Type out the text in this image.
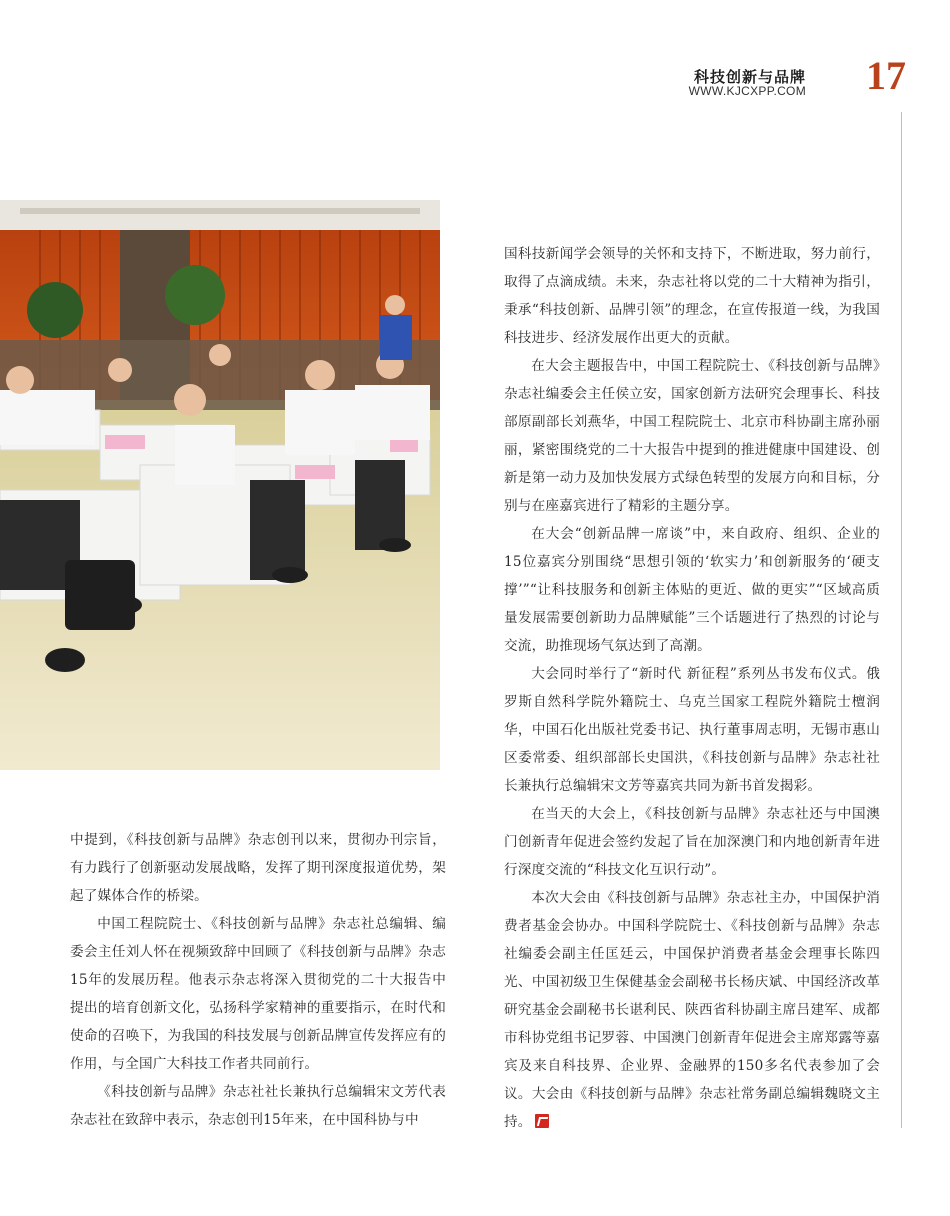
科技创新与品牌
WWW.KJCXPP.COM 17

中提到，《科技创新与品牌》杂志创刊以来，贯彻办刊宗旨，有力践行了创新驱动发展战略，发挥了期刊深度报道优势，架起了媒体合作的桥梁。

中国工程院院士、《科技创新与品牌》杂志社总编辑、编委会主任刘人怀在视频致辞中回顾了《科技创新与品牌》杂志15年的发展历程。他表示杂志将深入贯彻党的二十大报告中提出的培育创新文化，弘扬科学家精神的重要指示，在时代和使命的召唤下，为我国的科技发展与创新品牌宣传发挥应有的作用，与全国广大科技工作者共同前行。

《科技创新与品牌》杂志社社长兼执行总编辑宋文芳代表杂志社在致辞中表示，杂志创刊15年来，在中国科协与中

国科技新闻学会领导的关怀和支持下，不断进取，努力前行，取得了点滴成绩。未来，杂志社将以党的二十大精神为指引，秉承“科技创新、品牌引领”的理念，在宣传报道一线，为我国科技进步、经济发展作出更大的贡献。

在大会主题报告中，中国工程院院士、《科技创新与品牌》杂志社编委会主任侯立安，国家创新方法研究会理事长、科技部原副部长刘燕华，中国工程院院士、北京市科协副主席孙丽丽，紧密围绕党的二十大报告中提到的推进健康中国建设、创新是第一动力及加快发展方式绿色转型的发展方向和目标，分别与在座嘉宾进行了精彩的主题分享。

在大会“创新品牌一席谈”中，来自政府、组织、企业的15位嘉宾分别围绕“思想引领的‘软实力’和创新服务的‘硬支撑’”“让科技服务和创新主体贴的更近、做的更实”“区域高质量发展需要创新助力品牌赋能”三个话题进行了热烈的讨论与交流，助推现场气氛达到了高潮。

大会同时举行了“新时代 新征程”系列丛书发布仪式。俄罗斯自然科学院外籍院士、乌克兰国家工程院外籍院士檀润华，中国石化出版社党委书记、执行董事周志明，无锡市惠山区委常委、组织部部长史国洪，《科技创新与品牌》杂志社社长兼执行总编辑宋文芳等嘉宾共同为新书首发揭彩。

在当天的大会上，《科技创新与品牌》杂志社还与中国澳门创新青年促进会签约发起了旨在加深澳门和内地创新青年进行深度交流的“科技文化互识行动”。

本次大会由《科技创新与品牌》杂志社主办，中国保护消费者基金会协办。中国科学院院士、《科技创新与品牌》杂志社编委会副主任匡廷云，中国保护消费者基金会理事长陈四光、中国初级卫生保健基金会副秘书长杨庆斌、中国经济改革研究基金会副秘书长谌利民、陕西省科协副主席吕建军、成都市科协党组书记罗蓉、中国澳门创新青年促进会主席郑露等嘉宾及来自科技界、企业界、金融界的150多名代表参加了会议。大会由《科技创新与品牌》杂志社常务副总编辑魏晓文主持。
